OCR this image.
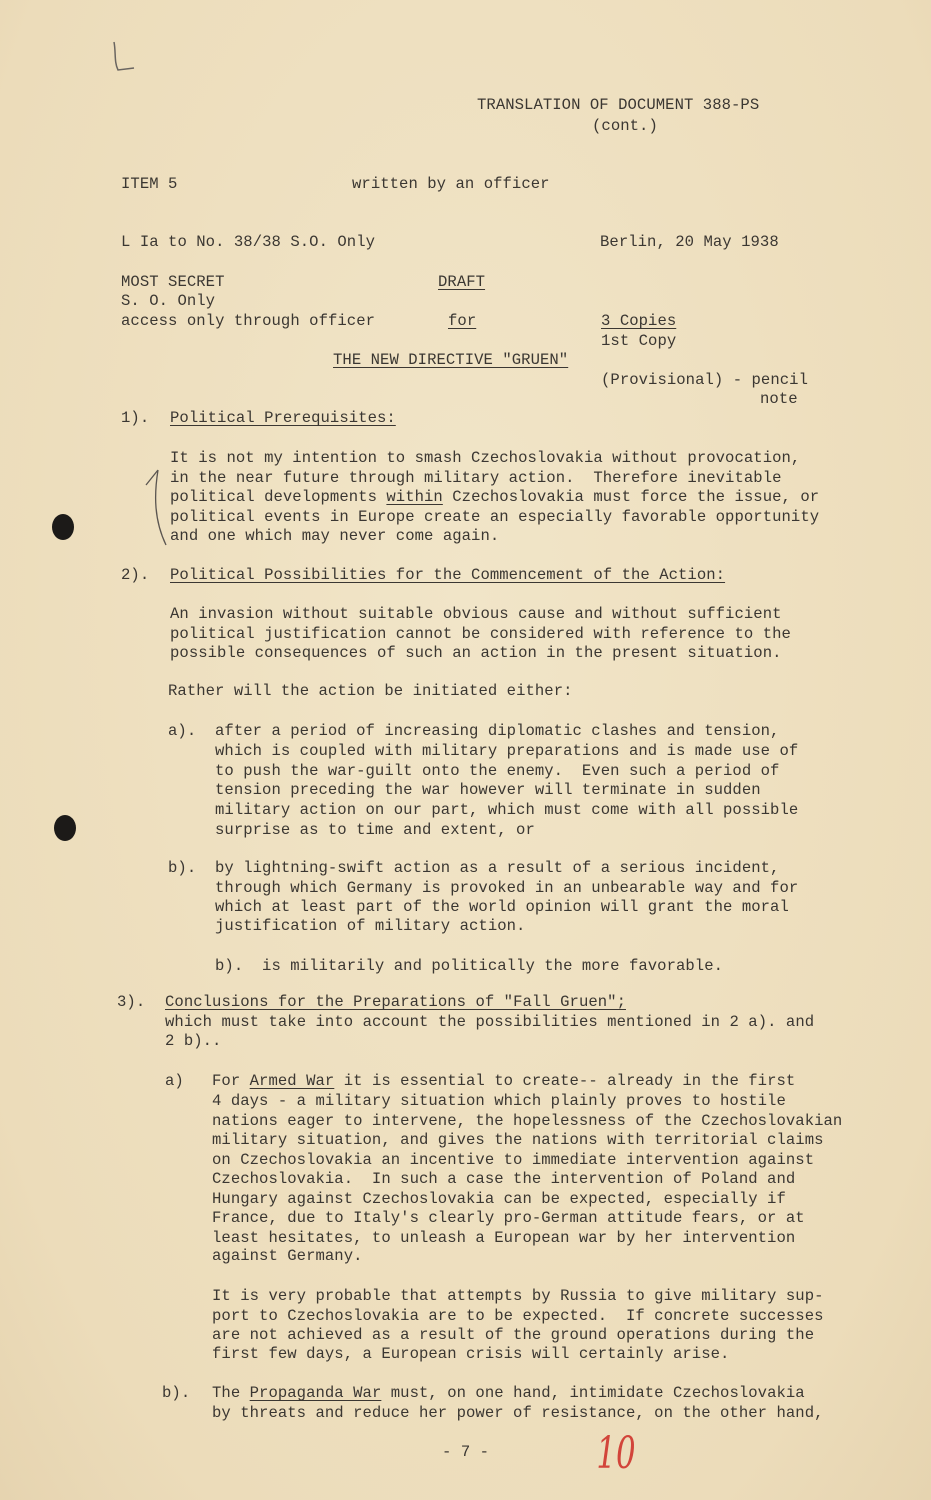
TRANSLATION OF DOCUMENT 388-PS
(cont.)
ITEM 5	written by an officer
L Ia to No. 38/38 S.O. Only	Berlin, 20 May 1938
MOST SECRET	DRAFT
S. O. Only
access only through officer	for	3 Copies
1st Copy
THE NEW DIRECTIVE "GRUEN"
(Provisional) - pencil
note
1). Political Prerequisites:
It is not my intention to smash Czechoslovakia without provocation,
in the near future through military action.  Therefore inevitable
political developments within Czechoslovakia must force the issue, or
political events in Europe create an especially favorable opportunity
and one which may never come again.
2). Political Possibilities for the Commencement of the Action:
An invasion without suitable obvious cause and without sufficient
political justification cannot be considered with reference to the
possible consequences of such an action in the present situation.
Rather will the action be initiated either:
a). after a period of increasing diplomatic clashes and tension,
which is coupled with military preparations and is made use of
to push the war-guilt onto the enemy.  Even such a period of
tension preceding the war however will terminate in sudden
military action on our part, which must come with all possible
surprise as to time and extent, or
b). by lightning-swift action as a result of a serious incident,
through which Germany is provoked in an unbearable way and for
which at least part of the world opinion will grant the moral
justification of military action.
b).  is militarily and politically the more favorable.
3). Conclusions for the Preparations of "Fall Gruen";
which must take into account the possibilities mentioned in 2 a). and
2 b)..
a) For Armed War it is essential to create-- already in the first
4 days - a military situation which plainly proves to hostile
nations eager to intervene, the hopelessness of the Czechoslovakian
military situation, and gives the nations with territorial claims
on Czechoslovakia an incentive to immediate intervention against
Czechoslovakia.  In such a case the intervention of Poland and
Hungary against Czechoslovakia can be expected, especially if
France, due to Italy's clearly pro-German attitude fears, or at
least hesitates, to unleash a European war by her intervention
against Germany.
It is very probable that attempts by Russia to give military sup-
port to Czechoslovakia are to be expected.  If concrete successes
are not achieved as a result of the ground operations during the
first few days, a European crisis will certainly arise.
b). The Propaganda War must, on one hand, intimidate Czechoslovakia
by threats and reduce her power of resistance, on the other hand,
- 7 - 10
